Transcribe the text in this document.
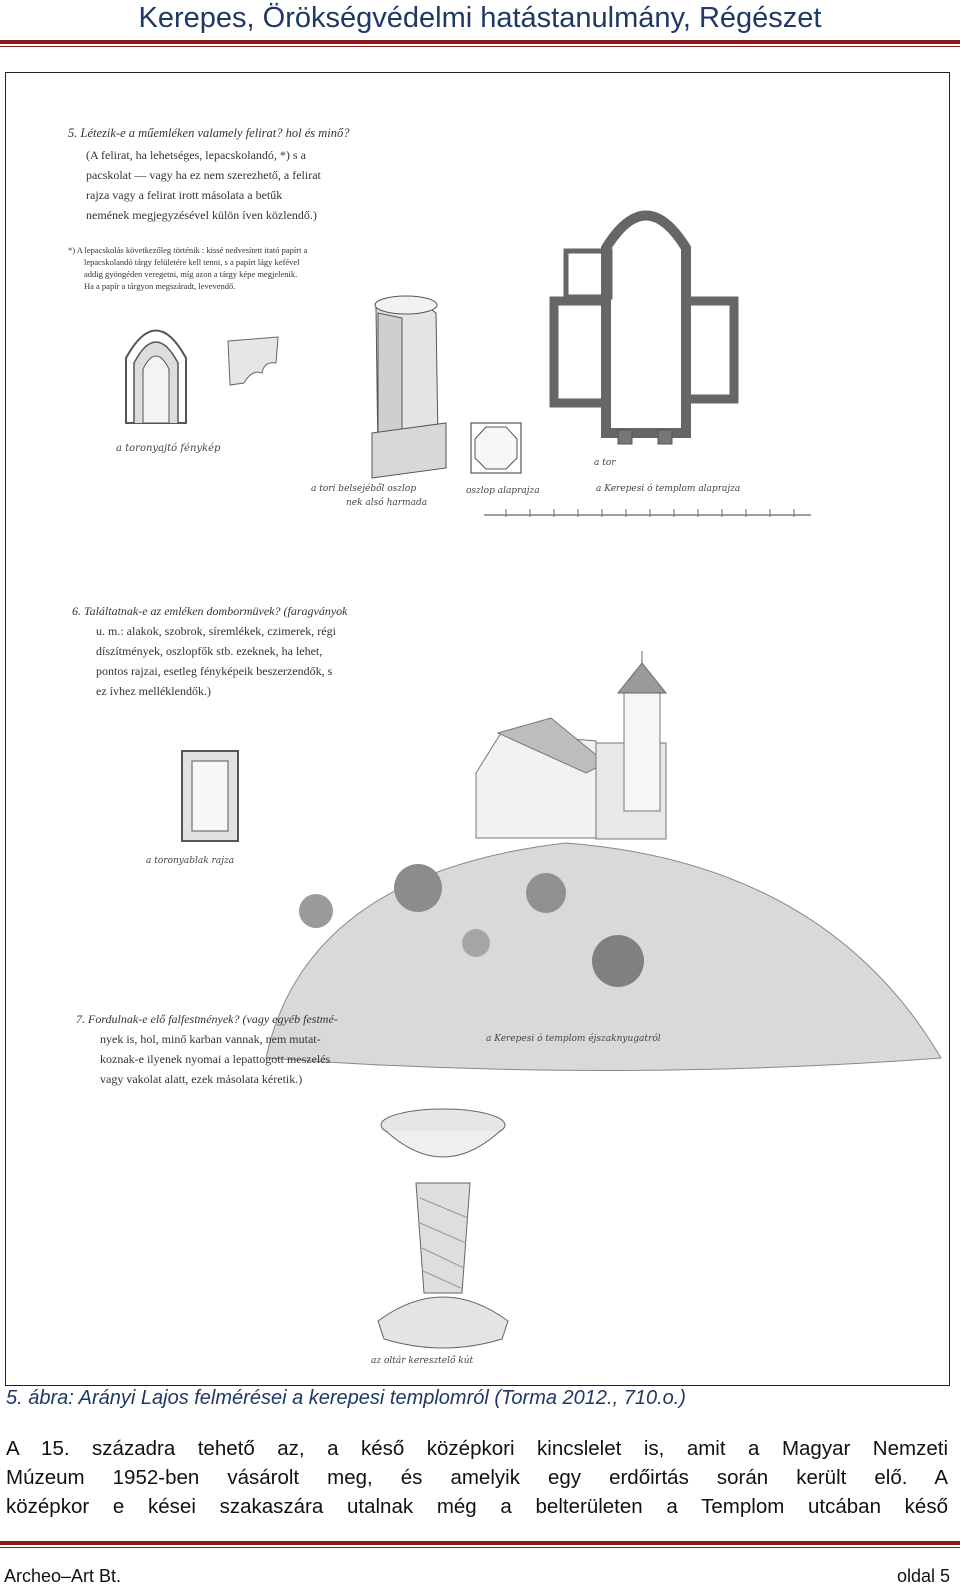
Kerepes, Örökségvédelmi hatástanulmány, Régészet
5. Létezik-e a műemléken valamely felirat? hol és minő?
(A felirat, ha lehetséges, lepacskolandó, *) s a
pacskolat — vagy ha ez nem szerezhető, a felirat
rajza vagy a felirat irott másolata a betűk
nemének megjegyzésével külön íven közlendő.)
*) A lepacskolás következőleg történik : kissé nedvesített itató papírt a
lepacskolandó tárgy felületére kell tenni, s a papírt lágy kefével
addig gyöngéden veregetni, míg azon a tárgy képe megjelenik.
Ha a papír a tárgyon megszáradt, levevendő.
a toronyajtó fénykép
a tori belsejéből oszlop
nek alsó harmada
oszlop alaprajza
a tor
a Kerepesi ó templom alaprajza
6. Találtatnak-e az emléken dombormüvek? (faragványok
u. m.: alakok, szobrok, síremlékek, czimerek, régi
díszítmények, oszlopfők stb. ezeknek, ha lehet,
pontos rajzai, esetleg fényképeik beszerzendők, s
ez ívhez melléklendők.)
a toronyablak rajza
a Kerepesi ó templom éjszaknyugatról
7. Fordulnak-e elő falfestmények? (vagy egyéb festmé-
nyek is, hol, minő karban vannak, nem mutat-
koznak-e ilyenek nyomai a lepattogott meszelés
vagy vakolat alatt, ezek másolata kéretik.)
az oltár keresztelő kút
5. ábra: Arányi Lajos felmérései a kerepesi templomról (Torma 2012., 710.o.)
A 15. századra tehető az, a késő középkori kincslelet is, amit a Magyar Nemzeti
Múzeum 1952-ben vásárolt meg, és amelyik egy erdőirtás során került elő. A
középkor e kései szakaszára utalnak még a belterületen a Templom utcában késő
Archeo–Art Bt.	oldal 5
